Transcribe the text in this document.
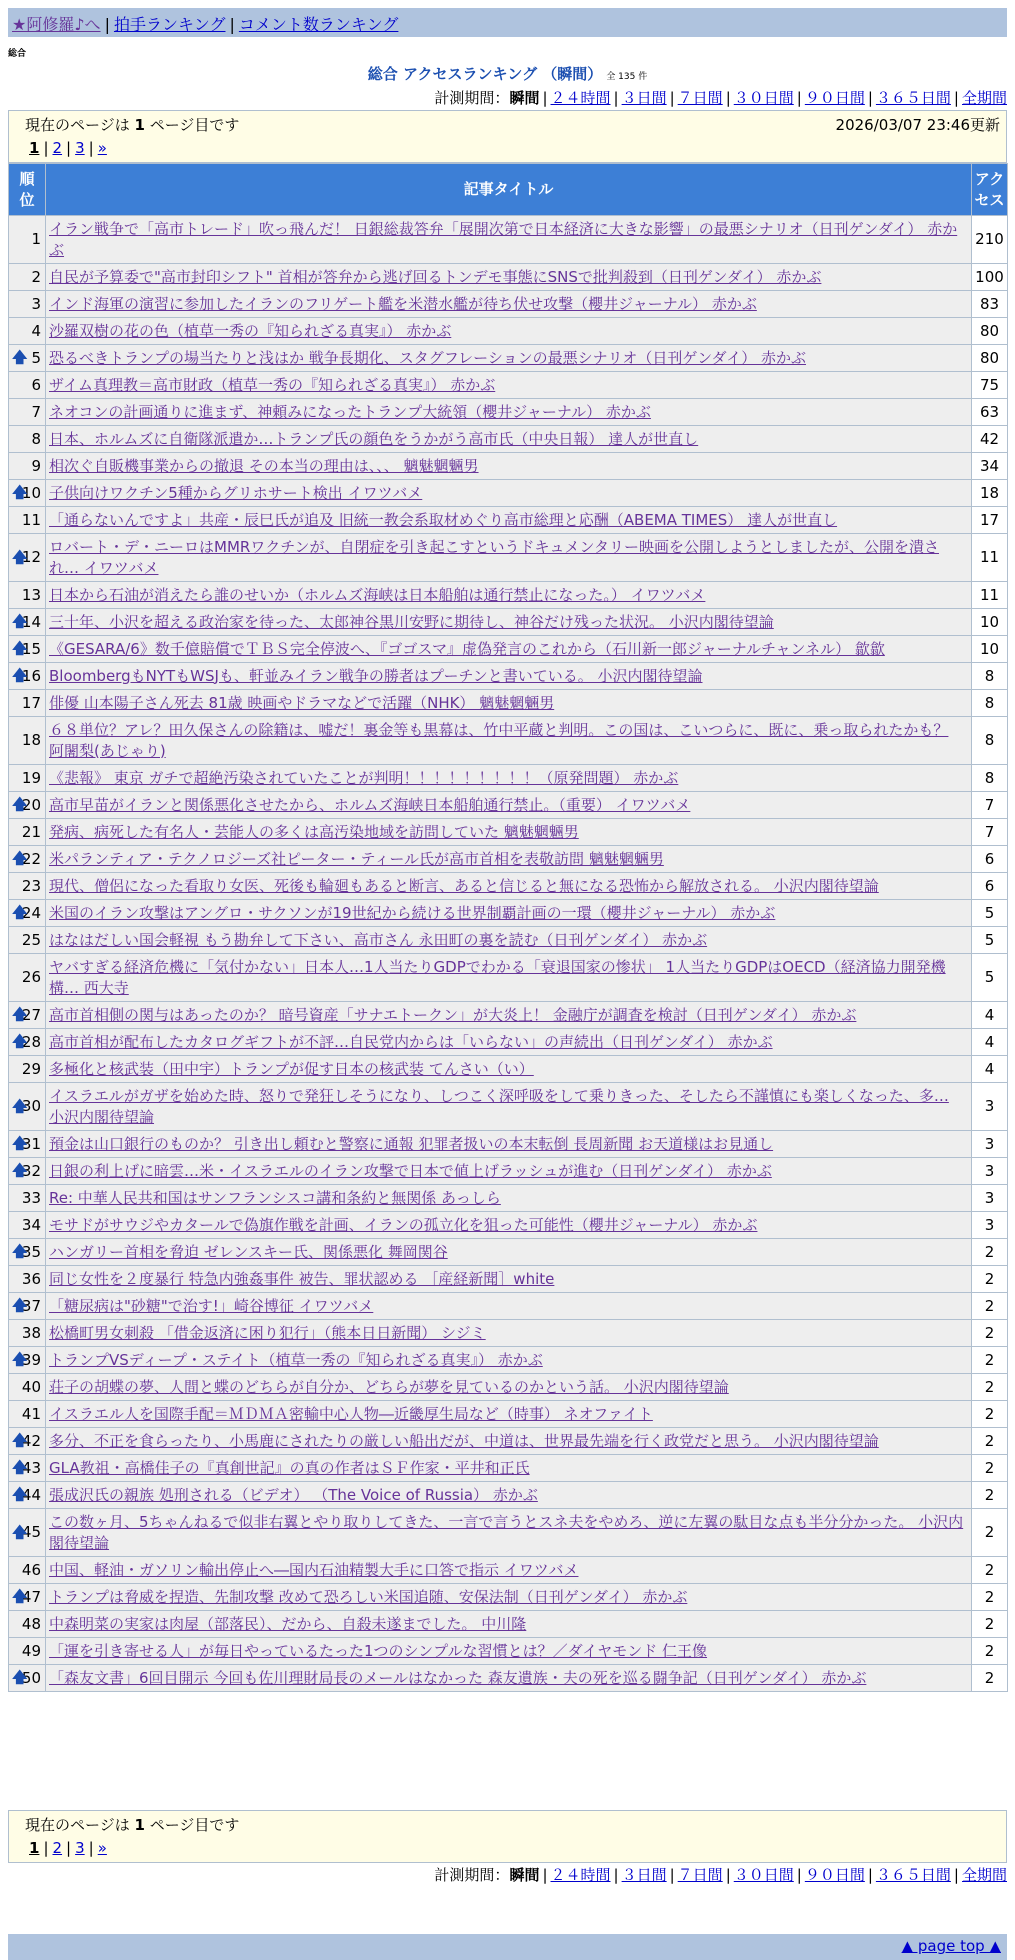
★阿修羅♪へ | 拍手ランキング | コメント数ランキング
総合
総合 アクセスランキング （瞬間） 全 135 件
計測期間：瞬間 | ２４時間 | ３日間 | ７日間 | ３０日間 | ９０日間 | ３６５日間 | 全期間
現在のページは 1 ページ目です	2026/03/07 23:46更新
1 | 2 | 3 | »
順位	記事タイトル	アクセス

1	イラン戦争で「高市トレード」吹っ飛んだ！ 日銀総裁答弁「展開次第で日本経済に大きな影響」の最悪シナリオ（日刊ゲンダイ） 赤かぶ	210
2	自民が予算委で"高市封印シフト" 首相が答弁から逃げ回るトンデモ事態にSNSで批判殺到（日刊ゲンダイ） 赤かぶ	100
3	インド海軍の演習に参加したイランのフリゲート艦を米潜水艦が待ち伏せ攻撃（櫻井ジャーナル） 赤かぶ	83
4	沙羅双樹の花の色（植草一秀の『知られざる真実』） 赤かぶ	80

🡅
5	恐るべきトランプの場当たりと浅はか 戦争長期化、スタグフレーションの最悪シナリオ（日刊ゲンダイ） 赤かぶ	80
6	ザイム真理教＝高市財政（植草一秀の『知られざる真実』） 赤かぶ	75
7	ネオコンの計画通りに進まず、神頼みになったトランプ大統領（櫻井ジャーナル） 赤かぶ	63
8	日本、ホルムズに自衛隊派遣か…トランプ氏の顔色をうかがう高市氏（中央日報） 達人が世直し	42
9	相次ぐ自販機事業からの撤退 その本当の理由は、、、 魑魅魍魎男	34

🡅
10	子供向けワクチン5種からグリホサート検出 イワツバメ	18
11	「通らないんですよ」共産・辰巳氏が追及 旧統一教会系取材めぐり高市総理と応酬（ABEMA TIMES） 達人が世直し	17

🡅
12	ロバート・デ・ニーロはMMRワクチンが、自閉症を引き起こすというドキュメンタリー映画を公開しようとしましたが、公開を潰され… イワツバメ	11
13	日本から石油が消えたら誰のせいか（ホルムズ海峡は日本船舶は通行禁止になった。） イワツバメ	11

🡅
14	三十年、小沢を超える政治家を待った、太郎神谷黒川安野に期待し、神谷だけ残った状況。 小沢内閣待望論	10

🡅
15	《GESARA/6》数千億賠償でＴＢＳ完全停波へ、『ゴゴスマ』虚偽発言のこれから（石川新一郎ジャーナルチャンネル） 歙歙	10

🡅
16	BloombergもNYTもWSJも、軒並みイラン戦争の勝者はプーチンと書いている。 小沢内閣待望論	8
17	俳優 山本陽子さん死去 81歳 映画やドラマなどで活躍（NHK） 魑魅魍魎男	8
18	６８単位？アレ？田久保さんの除籍は、嘘だ！裏金等も黒幕は、竹中平蔵と判明。この国は、こいつらに、既に、乗っ取られたかも？ 阿闍梨(あじゃり)	8
19	《悲報》 東京 ガチで超絶汚染されていたことが判明！！！！！！！！！（原発問題） 赤かぶ	8

🡅
20	高市早苗がイランと関係悪化させたから、ホルムズ海峡日本船舶通行禁止。（重要） イワツバメ	7
21	発病、病死した有名人・芸能人の多くは高汚染地域を訪問していた 魑魅魍魎男	7

🡅
22	米パランティア・テクノロジーズ社ピーター・ティール氏が高市首相を表敬訪問 魑魅魍魎男	6
23	現代、僧侶になった看取り女医、死後も輪廻もあると断言、あると信じると無になる恐怖から解放される。 小沢内閣待望論	6

🡅
24	米国のイラン攻撃はアングロ・サクソンが19世紀から続ける世界制覇計画の一環（櫻井ジャーナル） 赤かぶ	5
25	はなはだしい国会軽視 もう勘弁して下さい、高市さん 永田町の裏を読む（日刊ゲンダイ） 赤かぶ	5
26	ヤバすぎる経済危機に「気付かない」日本人…1人当たりGDPでわかる「衰退国家の惨状」 1人当たりGDPはOECD（経済協力開発機構… 西大寺	5

🡅
27	高市首相側の関与はあったのか？ 暗号資産「サナエトークン」が大炎上！ 金融庁が調査を検討（日刊ゲンダイ） 赤かぶ	4

🡅
28	高市首相が配布したカタログギフトが不評…自民党内からは「いらない」の声続出（日刊ゲンダイ） 赤かぶ	4
29	多極化と核武装（田中宇）トランプが促す日本の核武装 てんさい（い）	4

🡅
30	イスラエルがガザを始めた時、怒りで発狂しそうになり、しつこく深呼吸をして乗りきった、そしたら不謹慎にも楽しくなった、多… 小沢内閣待望論	3

🡅
31	預金は山口銀行のものか？ 引き出し頼むと警察に通報 犯罪者扱いの本末転倒 長周新聞 お天道様はお見通し	3

🡅
32	日銀の利上げに暗雲…米・イスラエルのイラン攻撃で日本で値上げラッシュが進む（日刊ゲンダイ） 赤かぶ	3
33	Re: 中華人民共和国はサンフランシスコ講和条約と無関係 あっしら	3
34	モサドがサウジやカタールで偽旗作戦を計画、イランの孤立化を狙った可能性（櫻井ジャーナル） 赤かぶ	3

🡅
35	ハンガリー首相を脅迫 ゼレンスキー氏、関係悪化 舞岡関谷	2
36	同じ女性を２度暴行 特急内強姦事件 被告、罪状認める ［産経新聞］white	2

🡅
37	「糖尿病は"砂糖"で治す!」崎谷博征 イワツバメ	2
38	松橋町男女刺殺 「借金返済に困り犯行」（熊本日日新聞） シジミ	2

🡅
39	トランプVSディープ・ステイト（植草一秀の『知られざる真実』） 赤かぶ	2
40	荘子の胡蝶の夢、人間と蝶のどちらが自分か、どちらが夢を見ているのかという話。 小沢内閣待望論	2
41	イスラエル人を国際手配＝ＭＤＭＡ密輸中心人物―近畿厚生局など（時事） ネオファイト	2

🡅
42	多分、不正を食らったり、小馬鹿にされたりの厳しい船出だが、中道は、世界最先端を行く政党だと思う。 小沢内閣待望論	2

🡅
43	GLA教祖・高橋佳子の『真創世記』の真の作者はＳＦ作家・平井和正氏	2

🡅
44	張成沢氏の親族 処刑される（ビデオ） （The Voice of Russia） 赤かぶ	2

🡅
45	この数ヶ月、5ちゃんねるで似非右翼とやり取りしてきた、一言で言うとスネ夫をやめろ、逆に左翼の駄目な点も半分分かった。 小沢内閣待望論	2
46	中国、軽油・ガソリン輸出停止へ―国内石油精製大手に口答で指示 イワツバメ	2

🡅
47	トランプは脅威を捏造、先制攻撃 改めて恐ろしい米国追随、安保法制（日刊ゲンダイ） 赤かぶ	2
48	中森明菜の実家は肉屋（部落民）、だから、自殺未遂までした。 中川隆	2
49	「運を引き寄せる人」が毎日やっているたった1つのシンプルな習慣とは？／ダイヤモンド 仁王像	2

🡅
50	「森友文書」6回目開示 今回も佐川理財局長のメールはなかった 森友遺族・夫の死を巡る闘争記（日刊ゲンダイ） 赤かぶ	2
現在のページは 1 ページ目です
1 | 2 | 3 | »
計測期間：瞬間 | ２４時間 | ３日間 | ７日間 | ３０日間 | ９０日間 | ３６５日間 | 全期間
▲ page top ▲
